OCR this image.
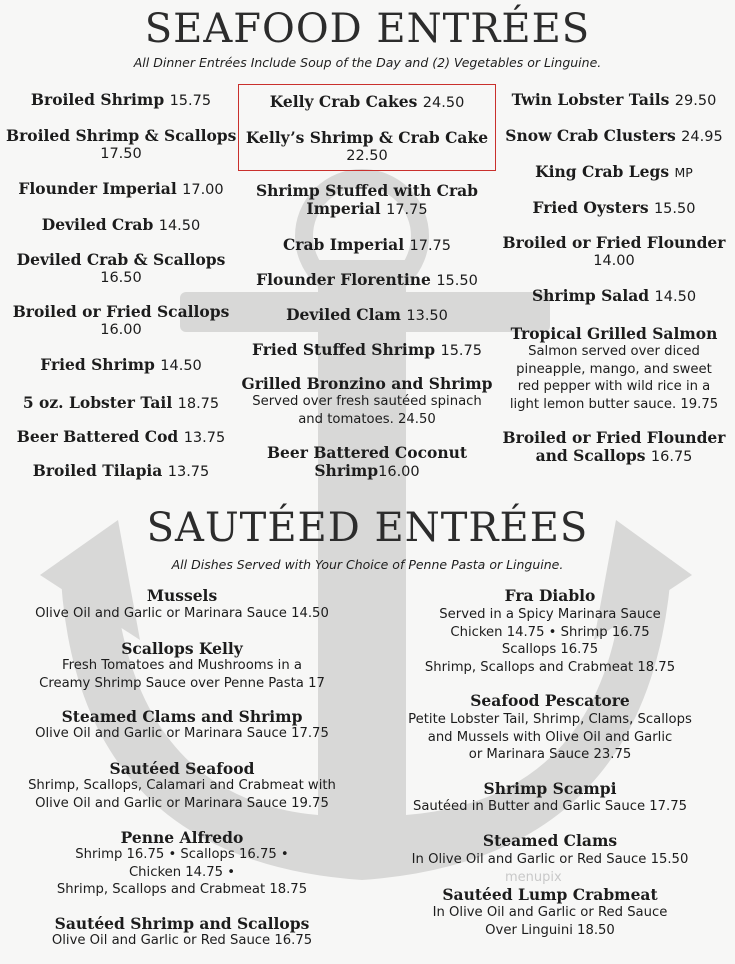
SEAFOOD ENTRÉES
All Dinner Entrées Include Soup of the Day and (2) Vegetables or Linguine.
Broiled Shrimp 15.75
Broiled Shrimp & Scallops
17.50
Flounder Imperial 17.00
Deviled Crab 14.50
Deviled Crab & Scallops
16.50
Broiled or Fried Scallops
16.00
Fried Shrimp 14.50
5 oz. Lobster Tail 18.75
Beer Battered Cod 13.75
Broiled Tilapia 13.75
Kelly Crab Cakes 24.50
Kelly’s Shrimp & Crab Cake
22.50
Shrimp Stuffed with Crab
Imperial 17.75
Crab Imperial 17.75
Flounder Florentine 15.50
Deviled Clam 13.50
Fried Stuffed Shrimp 15.75
Grilled Bronzino and Shrimp
Served over fresh sautéed spinach
and tomatoes. 24.50
Beer Battered Coconut
Shrimp16.00
Twin Lobster Tails 29.50
Snow Crab Clusters 24.95
King Crab Legs MP
Fried Oysters 15.50
Broiled or Fried Flounder
14.00
Shrimp Salad 14.50
Tropical Grilled Salmon
Salmon served over diced
pineapple, mango, and sweet
red pepper with wild rice in a
light lemon butter sauce. 19.75
Broiled or Fried Flounder
and Scallops 16.75
SAUTÉED ENTRÉES
All Dishes Served with Your Choice of Penne Pasta or Linguine.
Mussels
Olive Oil and Garlic or Marinara Sauce 14.50
Scallops Kelly
Fresh Tomatoes and Mushrooms in a
Creamy Shrimp Sauce over Penne Pasta 17
Steamed Clams and Shrimp
Olive Oil and Garlic or Marinara Sauce 17.75
Sautéed Seafood
Shrimp, Scallops, Calamari and Crabmeat with
Olive Oil and Garlic or Marinara Sauce 19.75
Penne Alfredo
Shrimp 16.75 • Scallops 16.75 •
Chicken 14.75 •
Shrimp, Scallops and Crabmeat 18.75
Sautéed Shrimp and Scallops
Olive Oil and Garlic or Red Sauce 16.75
Fra Diablo
Served in a Spicy Marinara Sauce
Chicken 14.75 • Shrimp 16.75
Scallops 16.75
Shrimp, Scallops and Crabmeat 18.75
Seafood Pescatore
Petite Lobster Tail, Shrimp, Clams, Scallops
and Mussels with Olive Oil and Garlic
or Marinara Sauce 23.75
Shrimp Scampi
Sautéed in Butter and Garlic Sauce 17.75
Steamed Clams
In Olive Oil and Garlic or Red Sauce 15.50
Sautéed Lump Crabmeat
In Olive Oil and Garlic or Red Sauce
Over Linguini 18.50
menupix
